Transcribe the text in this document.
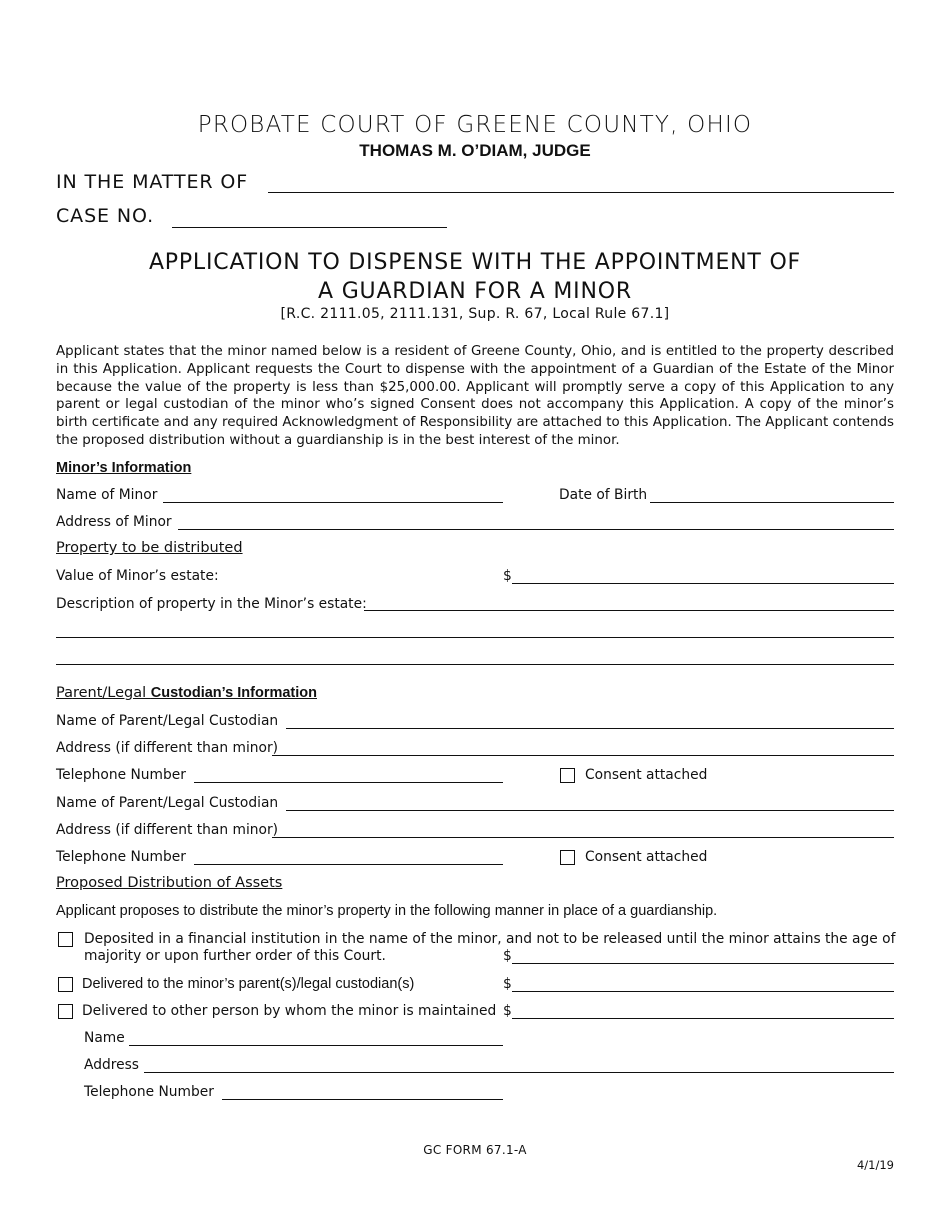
PROBATE COURT OF GREENE COUNTY, OHIO
THOMAS M. O’DIAM, JUDGE
IN THE MATTER OF
CASE NO.
APPLICATION TO DISPENSE WITH THE APPOINTMENT OF
A GUARDIAN FOR A MINOR
[R.C. 2111.05, 2111.131, Sup. R. 67, Local Rule 67.1]
Applicant states that the minor named below is a resident of Greene County, Ohio, and is entitled to the property described in this Application. Applicant requests the Court to dispense with the appointment of a Guardian of the Estate of the Minor because the value of the property is less than $25,000.00. Applicant will promptly serve a copy of this Application to any parent or legal custodian of the minor who’s signed Consent does not accompany this Application. A copy of the minor’s birth certificate and any required Acknowledgment of Responsibility are attached to this Application. The Applicant contends the proposed distribution without a guardianship is in the best interest of the minor.
Minor’s Information
Name of Minor	Date of Birth
Address of Minor
Property to be distributed
Value of Minor’s estate:	$
Description of property in the Minor’s estate:
Parent/Legal Custodian’s Information
Name of Parent/Legal Custodian
Address (if different than minor)
Telephone Number	Consent attached
Name of Parent/Legal Custodian
Address (if different than minor)
Telephone Number	Consent attached
Proposed Distribution of Assets
Applicant proposes to distribute the minor’s property in the following manner in place of a guardianship.
Deposited in a financial institution in the name of the minor, and not to be released until the minor attains the age of
majority or upon further order of this Court.	$
Delivered to the minor’s parent(s)/legal custodian(s)	$
Delivered to other person by whom the minor is maintained $
Name
Address
Telephone Number
GC FORM 67.1-A
4/1/19
